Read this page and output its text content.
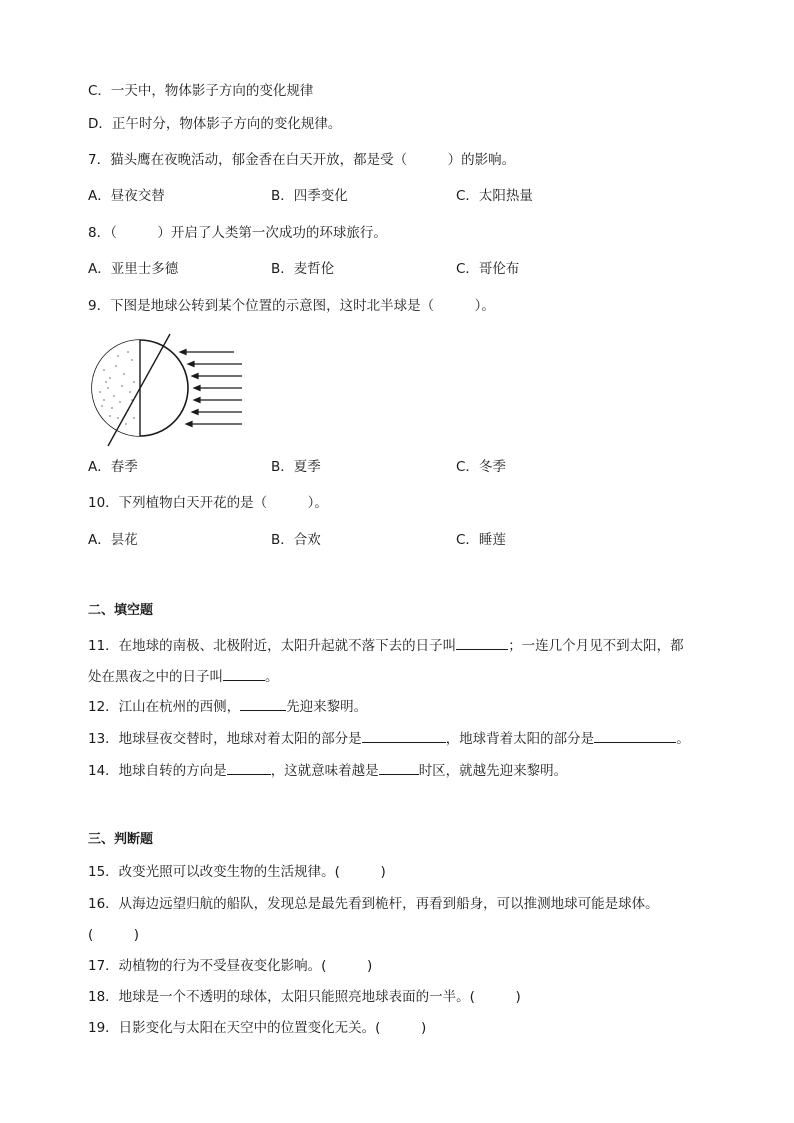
C．一天中，物体影子方向的变化规律
D．正午时分，物体影子方向的变化规律。
7．猫头鹰在夜晚活动，郁金香在白天开放，都是受（　　　）的影响。
A．昼夜交替	B．四季变化	C．太阳热量
8．（　　　）开启了人类第一次成功的环球旅行。
A．亚里士多德	B．麦哲伦	C．哥伦布
9．下图是地球公转到某个位置的示意图，这时北半球是（　　　）。
A．春季	B．夏季	C．冬季
10．下列植物白天开花的是（　　　）。
A．昙花	B．合欢	C．睡莲
二、填空题
11．在地球的南极、北极附近，太阳升起就不落下去的日子叫	；一连几个月见不到太阳，都
处在黑夜之中的日子叫	。
12．江山在杭州的西侧，	先迎来黎明。
13．地球昼夜交替时，地球对着太阳的部分是	，地球背着太阳的部分是	。
14．地球自转的方向是	，这就意味着越是	时区，就越先迎来黎明。
三、判断题
15．改变光照可以改变生物的生活规律。(　　　)
16．从海边远望归航的船队，发现总是最先看到桅杆，再看到船身，可以推测地球可能是球体。
(　　　)
17．动植物的行为不受昼夜变化影响。(　　　)
18．地球是一个不透明的球体，太阳只能照亮地球表面的一半。(　　　)
19．日影变化与太阳在天空中的位置变化无关。(　　　)
